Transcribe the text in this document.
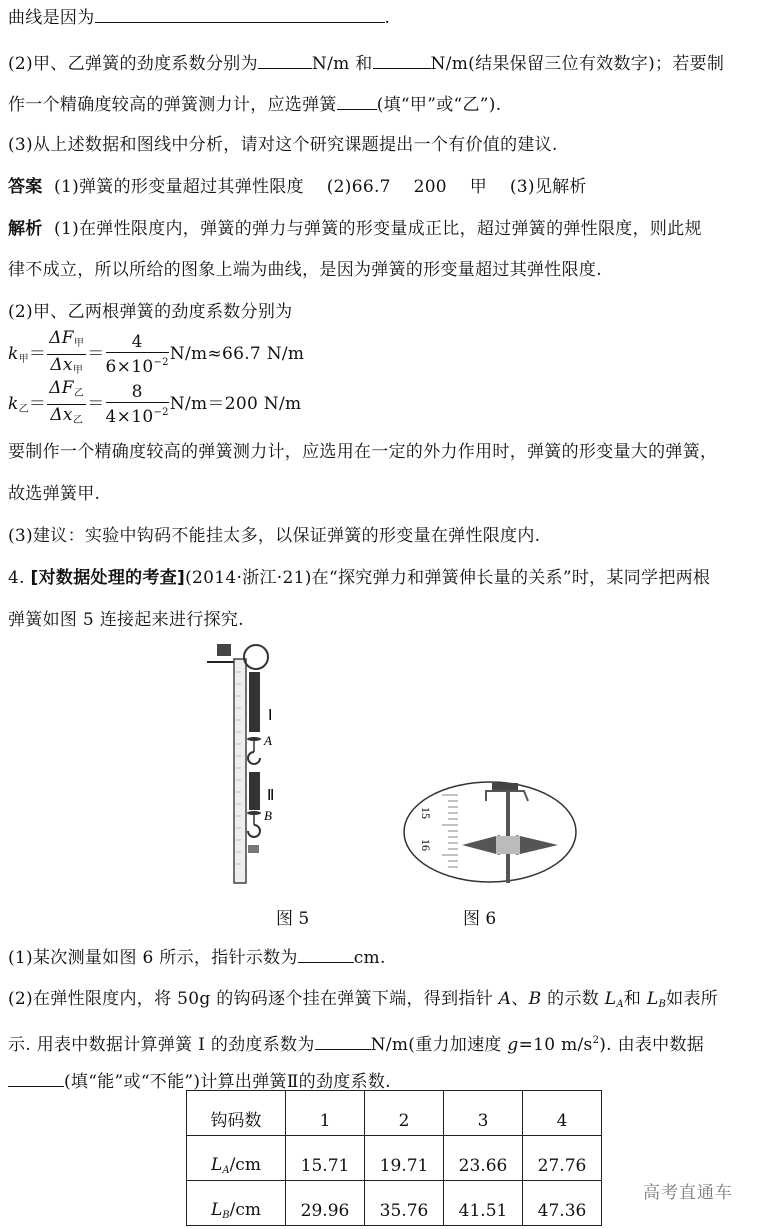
曲线是因为	.
(2)甲、乙弹簧的劲度系数分别为	N/m 和	N/m(结果保留三位有效数字)；若要制
作一个精确度较高的弹簧测力计，应选弹簧 (填“甲”或“乙”).
(3)从上述数据和图线中分析，请对这个研究课题提出一个有价值的建议.
答案 (1)弹簧的形变量超过其弹性限度    (2)66.7    200    甲    (3)见解析
解析 (1)在弹性限度内，弹簧的弹力与弹簧的形变量成正比，超过弹簧的弹性限度，则此规
律不成立，所以所给的图象上端为曲线，是因为弹簧的形变量超过其弹性限度.
(2)甲、乙两根弹簧的劲度系数分别为
$k_甲= \frac{\Delta F_甲}{\Delta x_甲} = \frac{4}{6\times 10^{-2}} N/m\approx 66.7$ N/m
$k_乙= \frac{\Delta F_乙}{\Delta x_乙} = \frac{8}{4\times 10^{-2}} N/m=200$ N/m
要制作一个精确度较高的弹簧测力计，应选用在一定的外力作用时，弹簧的形变量大的弹簧，
故选弹簧甲.
(3)建议：实验中钩码不能挂太多，以保证弹簧的形变量在弹性限度内.
4. [对数据处理的考查](2014·浙江·21)在“探究弹力和弹簧伸长量的关系”时，某同学把两根
弹簧如图 5 连接起来进行探究.
Ⅰ
A
Ⅱ
B	15
16
图 5	图 6
(1)某次测量如图 6 所示，指针示数为	cm.
(2)在弹性限度内，将 50g 的钩码逐个挂在弹簧下端，得到指针 A、B 的示数 $L_A$和 $L_B$如表所
示. 用表中数据计算弹簧 I 的劲度系数为	N/m(重力加速度 g=10 $m/s^2$). 由表中数据
(填“能”或“不能”)计算出弹簧Ⅱ的劲度系数.
钩码数	1	2	3	4
$L_A/cm$	15.71	19.71	23.66	27.76
$L_B/cm$	29.96	35.76	41.51	47.36
高考直通车
